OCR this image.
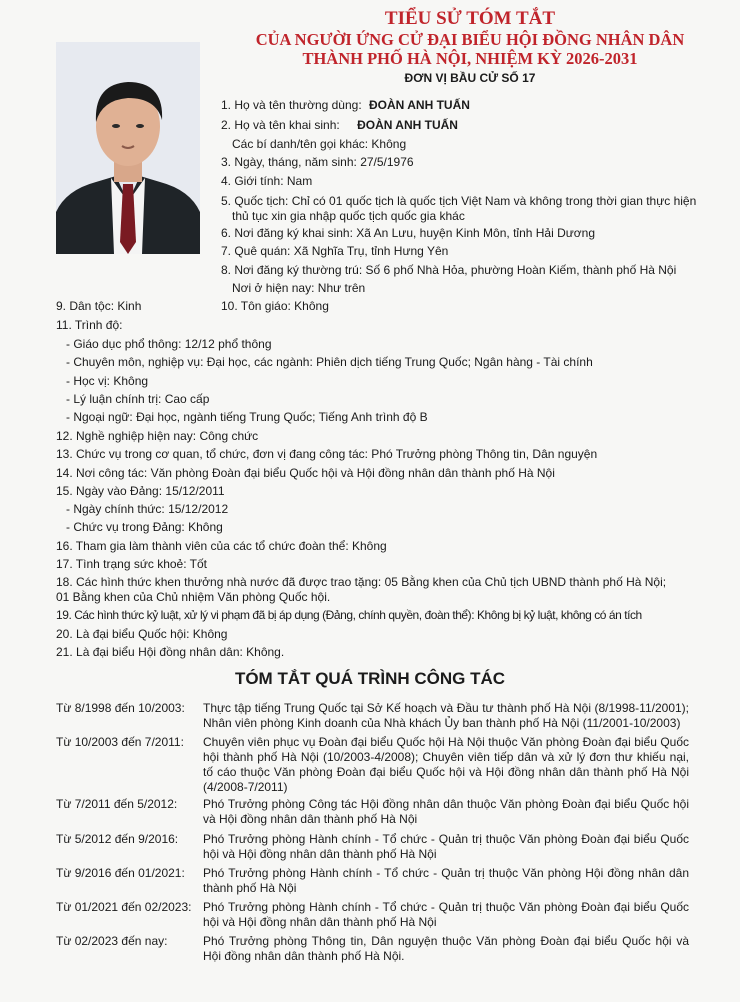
TIỂU SỬ TÓM TẮT
CỦA NGƯỜI ỨNG CỬ ĐẠI BIỂU HỘI ĐỒNG NHÂN DÂN
THÀNH PHỐ HÀ NỘI, NHIỆM KỲ 2026-2031
ĐƠN VỊ BẦU CỬ SỐ 17
1. Họ và tên thường dùng: ĐOÀN ANH TUẤN
2. Họ và tên khai sinh: ĐOÀN ANH TUẤN
Các bí danh/tên gọi khác: Không
3. Ngày, tháng, năm sinh: 27/5/1976
4. Giới tính: Nam
5. Quốc tịch: Chỉ có 01 quốc tịch là quốc tịch Việt Nam và không trong thời gian thực hiện
thủ tục xin gia nhập quốc tịch quốc gia khác
6. Nơi đăng ký khai sinh: Xã An Lưu, huyện Kinh Môn, tỉnh Hải Dương
7. Quê quán: Xã Nghĩa Trụ, tỉnh Hưng Yên
8. Nơi đăng ký thường trú: Số 6 phố Nhà Hỏa, phường Hoàn Kiếm, thành phố Hà Nội
Nơi ở hiện nay: Như trên
9. Dân tộc: Kinh	10. Tôn giáo: Không
11. Trình độ:
- Giáo dục phổ thông: 12/12 phổ thông
- Chuyên môn, nghiệp vụ: Đại học, các ngành: Phiên dịch tiếng Trung Quốc; Ngân hàng - Tài chính
- Học vị: Không
- Lý luận chính trị: Cao cấp
- Ngoại ngữ: Đại học, ngành tiếng Trung Quốc; Tiếng Anh trình độ B
12. Nghề nghiệp hiện nay: Công chức
13. Chức vụ trong cơ quan, tổ chức, đơn vị đang công tác: Phó Trưởng phòng Thông tin, Dân nguyện
14. Nơi công tác: Văn phòng Đoàn đại biểu Quốc hội và Hội đồng nhân dân thành phố Hà Nội
15. Ngày vào Đảng: 15/12/2011
- Ngày chính thức: 15/12/2012
- Chức vụ trong Đảng: Không
16. Tham gia làm thành viên của các tổ chức đoàn thể: Không
17. Tình trạng sức khoẻ: Tốt
18. Các hình thức khen thưởng nhà nước đã được trao tặng: 05 Bằng khen của Chủ tịch UBND thành phố Hà Nội;
01 Bằng khen của Chủ nhiệm Văn phòng Quốc hội.
19. Các hình thức kỷ luật, xử lý vi phạm đã bị áp dụng (Đảng, chính quyền, đoàn thể): Không bị kỷ luật, không có án tích
20. Là đại biểu Quốc hội: Không
21. Là đại biểu Hội đồng nhân dân: Không.
TÓM TẮT QUÁ TRÌNH CÔNG TÁC
Từ 8/1998 đến 10/2003: Thực tập tiếng Trung Quốc tại Sở Kế hoạch và Đầu tư thành phố Hà Nội (8/1998-11/2001); Nhân viên phòng Kinh doanh của Nhà khách Ủy ban thành phố Hà Nội (11/2001-10/2003)
Từ 10/2003 đến 7/2011: Chuyên viên phục vụ Đoàn đại biểu Quốc hội Hà Nội thuộc Văn phòng Đoàn đại biểu Quốc hội thành phố Hà Nội (10/2003-4/2008); Chuyên viên tiếp dân và xử lý đơn thư khiếu nại, tố cáo thuộc Văn phòng Đoàn đại biểu Quốc hội và Hội đồng nhân dân thành phố Hà Nội (4/2008-7/2011)
Từ 7/2011 đến 5/2012: Phó Trưởng phòng Công tác Hội đồng nhân dân thuộc Văn phòng Đoàn đại biểu Quốc hội và Hội đồng nhân dân thành phố Hà Nội
Từ 5/2012 đến 9/2016: Phó Trưởng phòng Hành chính - Tổ chức - Quản trị thuộc Văn phòng Đoàn đại biểu Quốc hội và Hội đồng nhân dân thành phố Hà Nội
Từ 9/2016 đến 01/2021: Phó Trưởng phòng Hành chính - Tổ chức - Quản trị thuộc Văn phòng Hội đồng nhân dân thành phố Hà Nội
Từ 01/2021 đến 02/2023: Phó Trưởng phòng Hành chính - Tổ chức - Quản trị thuộc Văn phòng Đoàn đại biểu Quốc hội và Hội đồng nhân dân thành phố Hà Nội
Từ 02/2023 đến nay:	Phó Trưởng phòng Thông tin, Dân nguyện thuộc Văn phòng Đoàn đại biểu Quốc hội và Hội đồng nhân dân thành phố Hà Nội.
